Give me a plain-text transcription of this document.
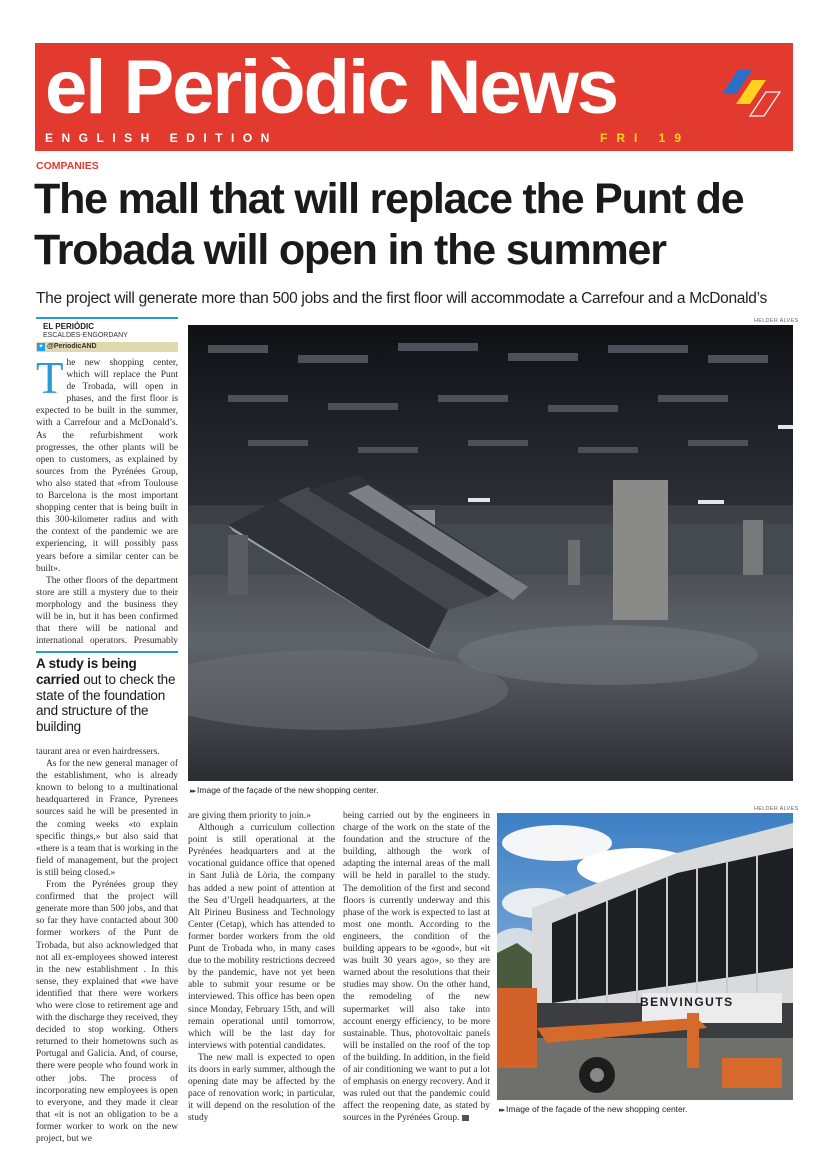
el Periòdic News
ENGLISH EDITION	FRI 19
COMPANIES
The mall that will replace the Punt de Trobada will open in the summer
The project will generate more than 500 jobs and the first floor will accommodate a Carrefour and a McDonald’s
EL PERIÒDIC
ESCALDES-ENGORDANY
✦ @PeriodicAND
T he new shopping center, which will replace the Punt de Trobada, will open in phases, and the first floor is expected to be built in the summer, with a Carrefour and a McDonald’s. As the refurbishment work progresses, the other plants will be open to customers, as explained by sources from the Pyrénées Group, who also stated that «from Toulouse to Barcelona is the most important shopping center that is being built in this 300-kilometer radius and with the context of the pandemic we are experiencing, it will possibly pass years before a similar center can be built».

The other floors of the department store are still a mystery due to their morphology and the business they will be in, but it has been confirmed that there will be national and international operators. Presumably

A study is being carried out to check the state of the foundation and structure of the building

taurant area or even hairdressers.

As for the new general manager of the establishment, who is already known to belong to a multinational headquartered in France, Pyrenees sources said he will be presented in the coming weeks «to explain specific things,» but also said that «there is a team that is working in the field of management, but the project is still being closed.»

From the Pyrénées group they confirmed that the project will generate more than 500 jobs, and that so far they have contacted about 300 former workers of the Punt de Trobada, but also acknowledged that not all ex-employees showed interest in the new establishment . In this sense, they explained that «we have identified that there were workers who were close to retirement age and with the discharge they received, they decided to stop working. Others returned to their hometowns such as Portugal and Galicia. And, of course, there were people who found work in other jobs. The process of incorporating new employees is open to everyone, and they made it clear that «it is not an obligation to be a former worker to work on the new project, but we

HELDER ALVES
▸▸ Image of the façade of the new shopping center.

are giving them priority to join.»

Although a curriculum collection point is still operational at the Pyrénées headquarters and at the vocational guidance office that opened in Sant Julià de Lòria, the company has added a new point of attention at the Seu d’Urgell headquarters, at the Alt Pirineu Business and Technology Center (Cetap), which has attended to former border workers from the old Punt de Trobada who, in many cases due to the mobility restrictions decreed by the pandemic, have not yet been able to submit your resume or be interviewed. This office has been open since Monday, February 15th, and will remain operational until tomorrow, which will be the last day for interviews with potential candidates.

The new mall is expected to open its doors in early summer, although the opening date may be affected by the pace of renovation work; in particular, it will depend on the resolution of the study

being carried out by the engineers in charge of the work on the state of the foundation and the structure of the building, although the work of adapting the internal areas of the mall will be held in parallel to the study. The demolition of the first and second floors is currently underway and this phase of the work is expected to last at most one month. According to the engineers, the condition of the building appears to be «good», but «it was built 30 years ago», so they are warned about the resolutions that their studies may show. On the other hand, the remodeling of the new supermarket will also take into account energy efficiency, to be more sustainable. Thus, photovoltaic panels will be installed on the roof of the top of the building. In addition, in the field of air conditioning we want to put a lot of emphasis on energy recovery. And it was ruled out that the pandemic could affect the reopening date, as stated by sources in the Pyrénées Group.

HELDER ALVES
BENVINGUTS
▸▸ Image of the façade of the new shopping center.
